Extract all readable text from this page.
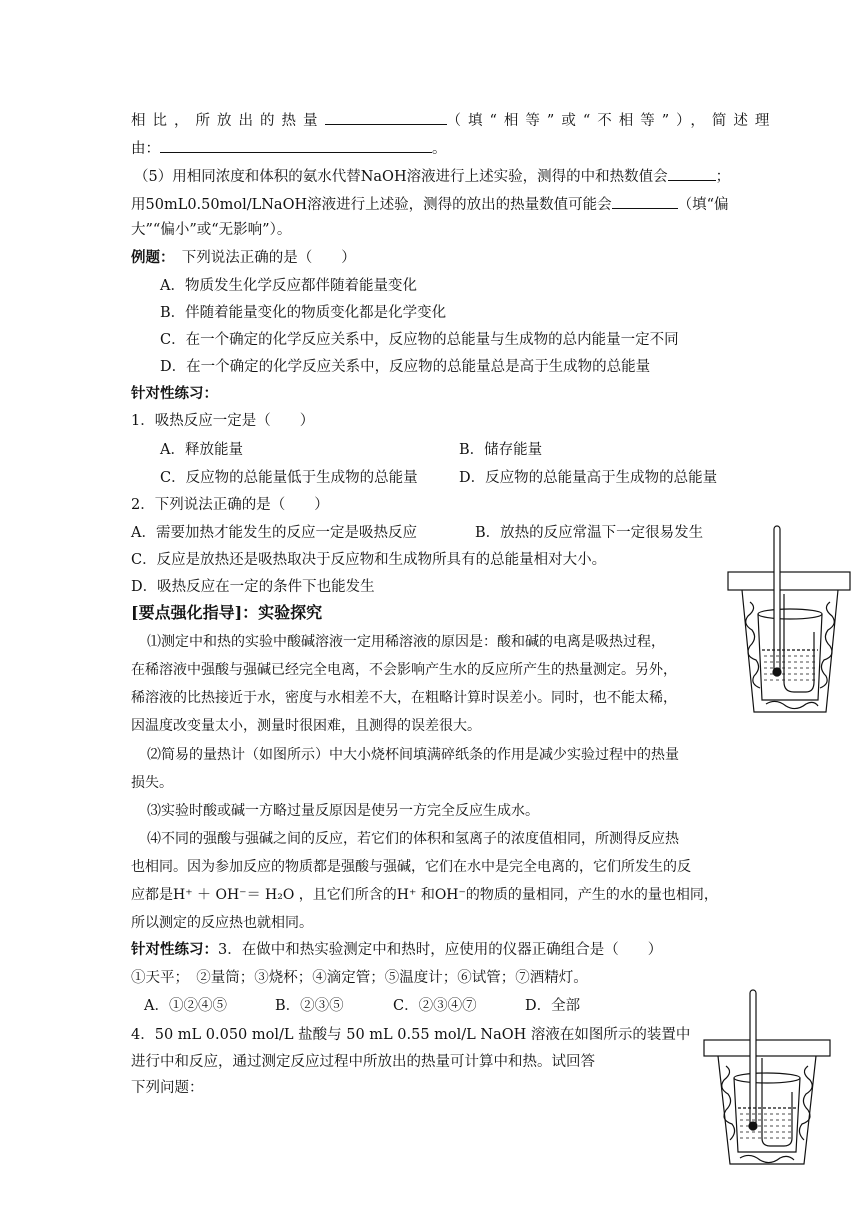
相比，所放出的热量	（填“相等”或“不相等”），简述理
由：	。
（5）用相同浓度和体积的氨水代替NaOH溶液进行上述实验，测得的中和热数值会	；
用50mL0.50mol/LNaOH溶液进行上述验，测得的放出的热量数值可能会	（填“偏
大”“偏小”或“无影响”）。
例题：　 下列说法正确的是（　　）
A．物质发生化学反应都伴随着能量变化
B．伴随着能量变化的物质变化都是化学变化
C．在一个确定的化学反应关系中，反应物的总能量与生成物的总内能量一定不同
D．在一个确定的化学反应关系中，反应物的总能量总是高于生成物的总能量
针对性练习：
1．吸热反应一定是（　　）
A．释放能量	B．储存能量
C．反应物的总能量低于生成物的总能量	D．反应物的总能量高于生成物的总能量
2．下列说法正确的是（　　）
A．需要加热才能发生的反应一定是吸热反应	B．放热的反应常温下一定很易发生
C．反应是放热还是吸热取决于反应物和生成物所具有的总能量相对大小。
D．吸热反应在一定的条件下也能发生
[要点强化指导]：实验探究
⑴测定中和热的实验中酸碱溶液一定用稀溶液的原因是：酸和碱的电离是吸热过程，
在稀溶液中强酸与强碱已经完全电离，不会影响产生水的反应所产生的热量测定。另外，
稀溶液的比热接近于水，密度与水相差不大，在粗略计算时误差小。同时，也不能太稀，
因温度改变量太小，测量时很困难，且测得的误差很大。
⑵简易的量热计（如图所示）中大小烧杯间填满碎纸条的作用是减少实验过程中的热量
损失。
⑶实验时酸或碱一方略过量反原因是使另一方完全反应生成水。
⑷不同的强酸与强碱之间的反应，若它们的体积和氢离子的浓度值相同，所测得反应热
也相同。因为参加反应的物质都是强酸与强碱，它们在水中是完全电离的，它们所发生的反
应都是H⁺ ＋ OH⁻＝ H₂O ，且它们所含的H⁺ 和OH⁻的物质的量相同，产生的水的量也相同，
所以测定的反应热也就相同。
针对性练习：3．在做中和热实验测定中和热时，应使用的仪器正确组合是（　　）
①天平；　②量筒；③烧杯；④滴定管；⑤温度计；⑥试管；⑦酒精灯。
A．①②④⑤	B．②③⑤	C．②③④⑦	D．全部
4．50 mL 0.050 mol/L 盐酸与 50 mL 0.55 mol/L NaOH 溶液在如图所示的装置中
进行中和反应，通过测定反应过程中所放出的热量可计算中和热。试回答
下列问题：
